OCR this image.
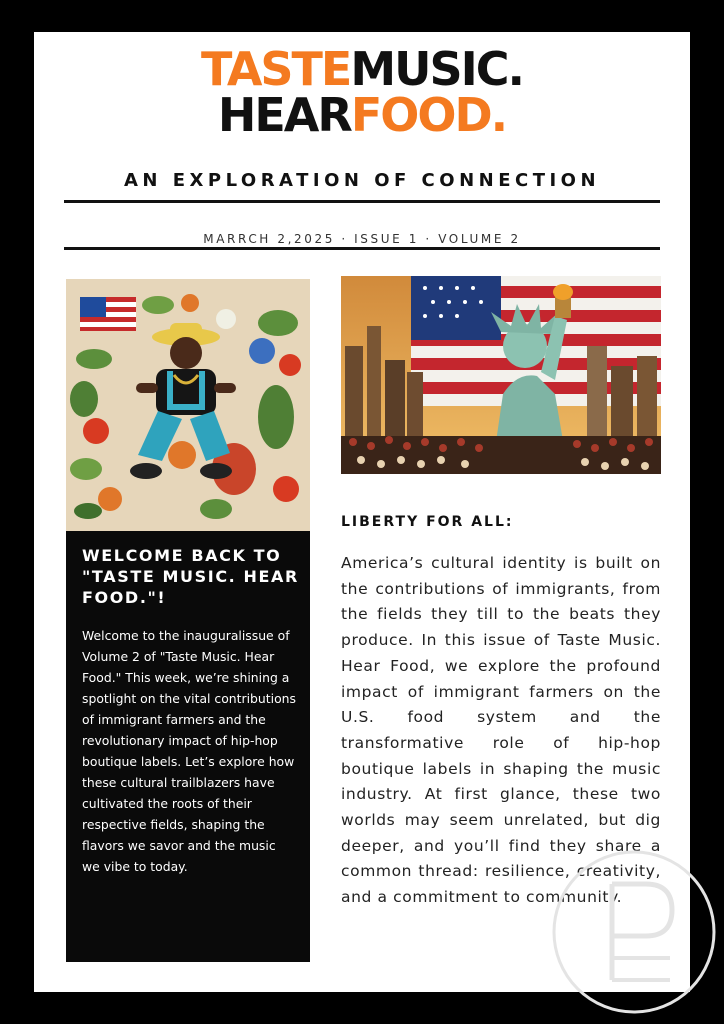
TASTEMUSIC.
HEARFOOD.
AN EXPLORATION OF CONNECTION
MARRCH 2,2025 · ISSUE 1 · VOLUME 2
WELCOME BACK TO "TASTE MUSIC. HEAR FOOD."!

Welcome to the inauguralissue of Volume 2 of "Taste Music. Hear Food." This week, we’re shining a spotlight on the vital contributions of immigrant farmers and the revolutionary impact of hip-hop boutique labels. Let’s explore how these cultural trailblazers have cultivated the roots of their respective fields, shaping the flavors we savor and the music we vibe to today.

LIBERTY FOR ALL:

America’s cultural identity is built on the contributions of immigrants, from the fields they till to the beats they produce. In this issue of Taste Music. Hear Food, we explore the profound impact of immigrant farmers on the U.S. food system and the transformative role of hip-hop boutique labels in shaping the music industry. At first glance, these two worlds may seem unrelated, but dig deeper, and you’ll find they share a common thread: resilience, creativity, and a commitment to community.
